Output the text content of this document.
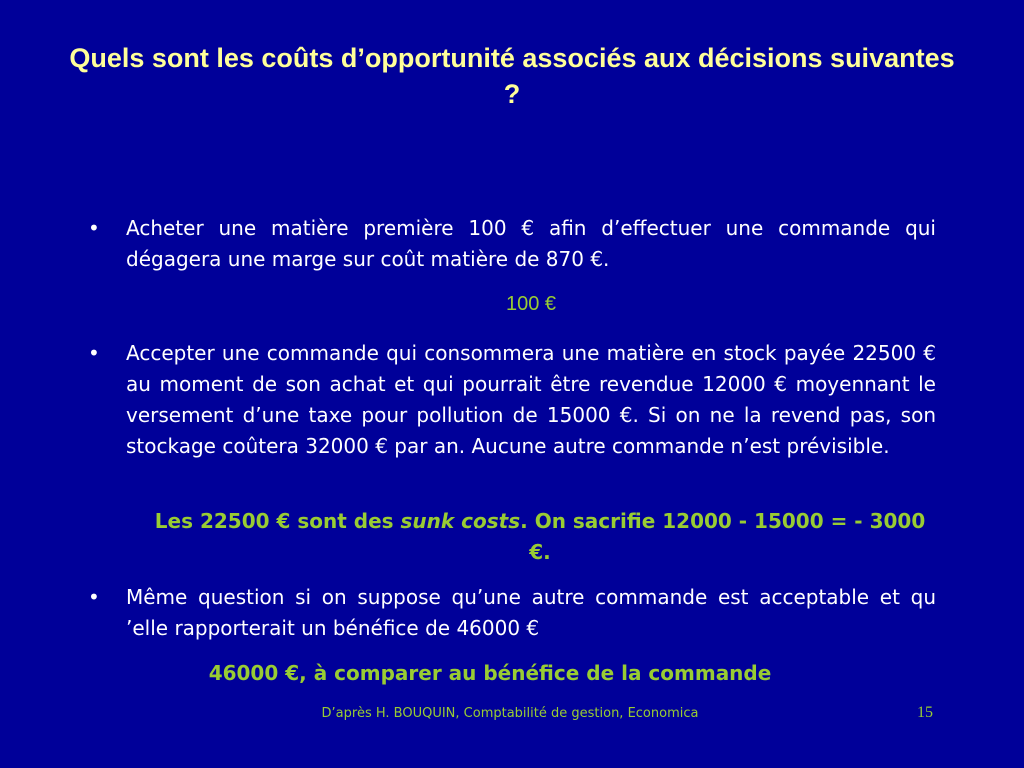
Quels sont les coûts d’opportunité associés aux décisions suivantes ?
• Acheter une matière première 100 € afin d’effectuer une commande qui dégagera une marge sur coût matière de 870 €.
100 €
• Accepter une commande qui consommera une matière en stock payée 22500 € au moment de son achat et qui pourrait être revendue 12000 € moyennant le versement d’une taxe pour pollution de 15000 €. Si on ne la revend pas, son stockage coûtera 32000 € par an. Aucune autre commande n’est prévisible.
Les 22500 € sont des sunk costs. On sacrifie 12000 - 15000 = - 3000 €.
• Même question si on suppose qu’une autre commande est acceptable et qu ’elle rapporterait un bénéfice de 46000 €
46000 €, à comparer au bénéfice de la commande
D’après H. BOUQUIN, Comptabilité de gestion, Economica	15
